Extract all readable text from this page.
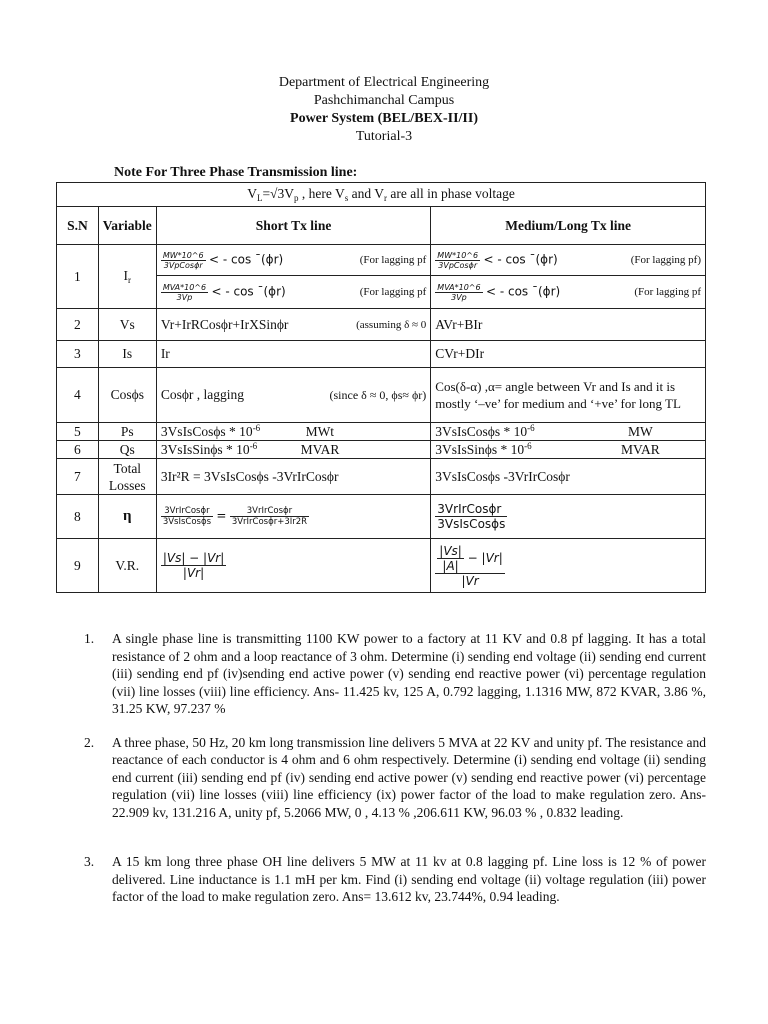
Department of Electrical Engineering
Pashchimanchal Campus
Power System (BEL/BEX-II/II)
Tutorial-3
Note For Three Phase Transmission line:
$V_L=√3V_p$ , here $V_s$ and $V_r$ are all in phase voltage			
S.N	Variable	Short Tx line	Medium/Long Tx line
1	$I_r$	$\frac{MW*10\^{}6}{\text{3VpCosϕr}}$ < - cos ¯(ϕr) (For lagging pf	$\frac{MW*10\^{}6}{\text{3VpCosϕr}}$ < - cos ¯(ϕr) (For lagging pf)

		$\frac{\text{MVA*10\textasciicircum{}6}}{3Vp}$ < - cos ¯(ϕr) (For lagging pf	$\frac{\text{MVA*10\textasciicircum{}6}}{3Vp}$ < - cos ¯(ϕr) (For lagging pf

2	Vs	Vr+IrRCosϕr+IrXSinϕr (assuming δ ≈ 0	AVr+BIr
3	Is	Ir	CVr+DIr
4	Cosϕs	Cosϕr , lagging (since δ ≈ 0, ϕs≈ ϕr)	Cos(δ-α) ,α= angle between Vr and Is and it is mostly ‘–ve’ for medium and ‘+ve’ for long TL
5	Ps	3VsIsCosϕs * $10^{-6}$ MWt	3VsIsCosϕs * $10^{-6}$ MW
6	Qs	3VsIsSinϕs * $10^{-6}$ MVAR	3VsIsSinϕs * $10^{-6}$ MVAR
7	Total Losses	3Ir²R = 3VsIsCosϕs -3VrIrCosϕr	3VsIsCosϕs -3VrIrCosϕr
8	η	$\frac{\text{3VrIrCosϕr}}{\text{3VsIsCosϕs}} = \frac{\text{3VrIrCosϕr}}{\text{3VrIrCosϕr+3Ir2R}}$	$\frac{\text{3VrIrCosϕr}}{\text{3VsIsCosϕs}}$

9	V.R.	$\frac{|Vs| - |Vr|}{|Vr|}$	$\frac{\frac{|Vs|}{|A|} - |Vr|}{|Vr}$
1.	A single phase line is transmitting 1100 KW power to a factory at 11 KV and 0.8 pf lagging. It has a total resistance of 2 ohm and a loop reactance of 3 ohm. Determine (i) sending end voltage (ii) sending end current (iii) sending end pf (iv)sending end active power (v) sending end reactive power (vi) percentage regulation (vii) line losses (viii) line efficiency. Ans- 11.425 kv, 125 A, 0.792 lagging, 1.1316 MW, 872 KVAR, 3.86 %, 31.25 KW, 97.237 %
2.	A three phase, 50 Hz, 20 km long transmission line delivers 5 MVA at 22 KV and unity pf. The resistance and reactance of each conductor is 4 ohm and 6 ohm respectively. Determine (i) sending end voltage (ii) sending end current (iii) sending end pf (iv) sending end active power (v) sending end reactive power (vi) percentage regulation (vii) line losses (viii) line efficiency (ix) power factor of the load to make regulation zero. Ans- 22.909 kv, 131.216 A, unity pf, 5.2066 MW, 0 , 4.13 % ,206.611 KW, 96.03 % , 0.832 leading.
3.	A 15 km long three phase OH line delivers 5 MW at 11 kv at 0.8 lagging pf. Line loss is 12 % of power delivered. Line inductance is 1.1 mH per km. Find (i) sending end voltage (ii) voltage regulation (iii) power factor of the load to make regulation zero. Ans= 13.612 kv, 23.744%, 0.94 leading.
